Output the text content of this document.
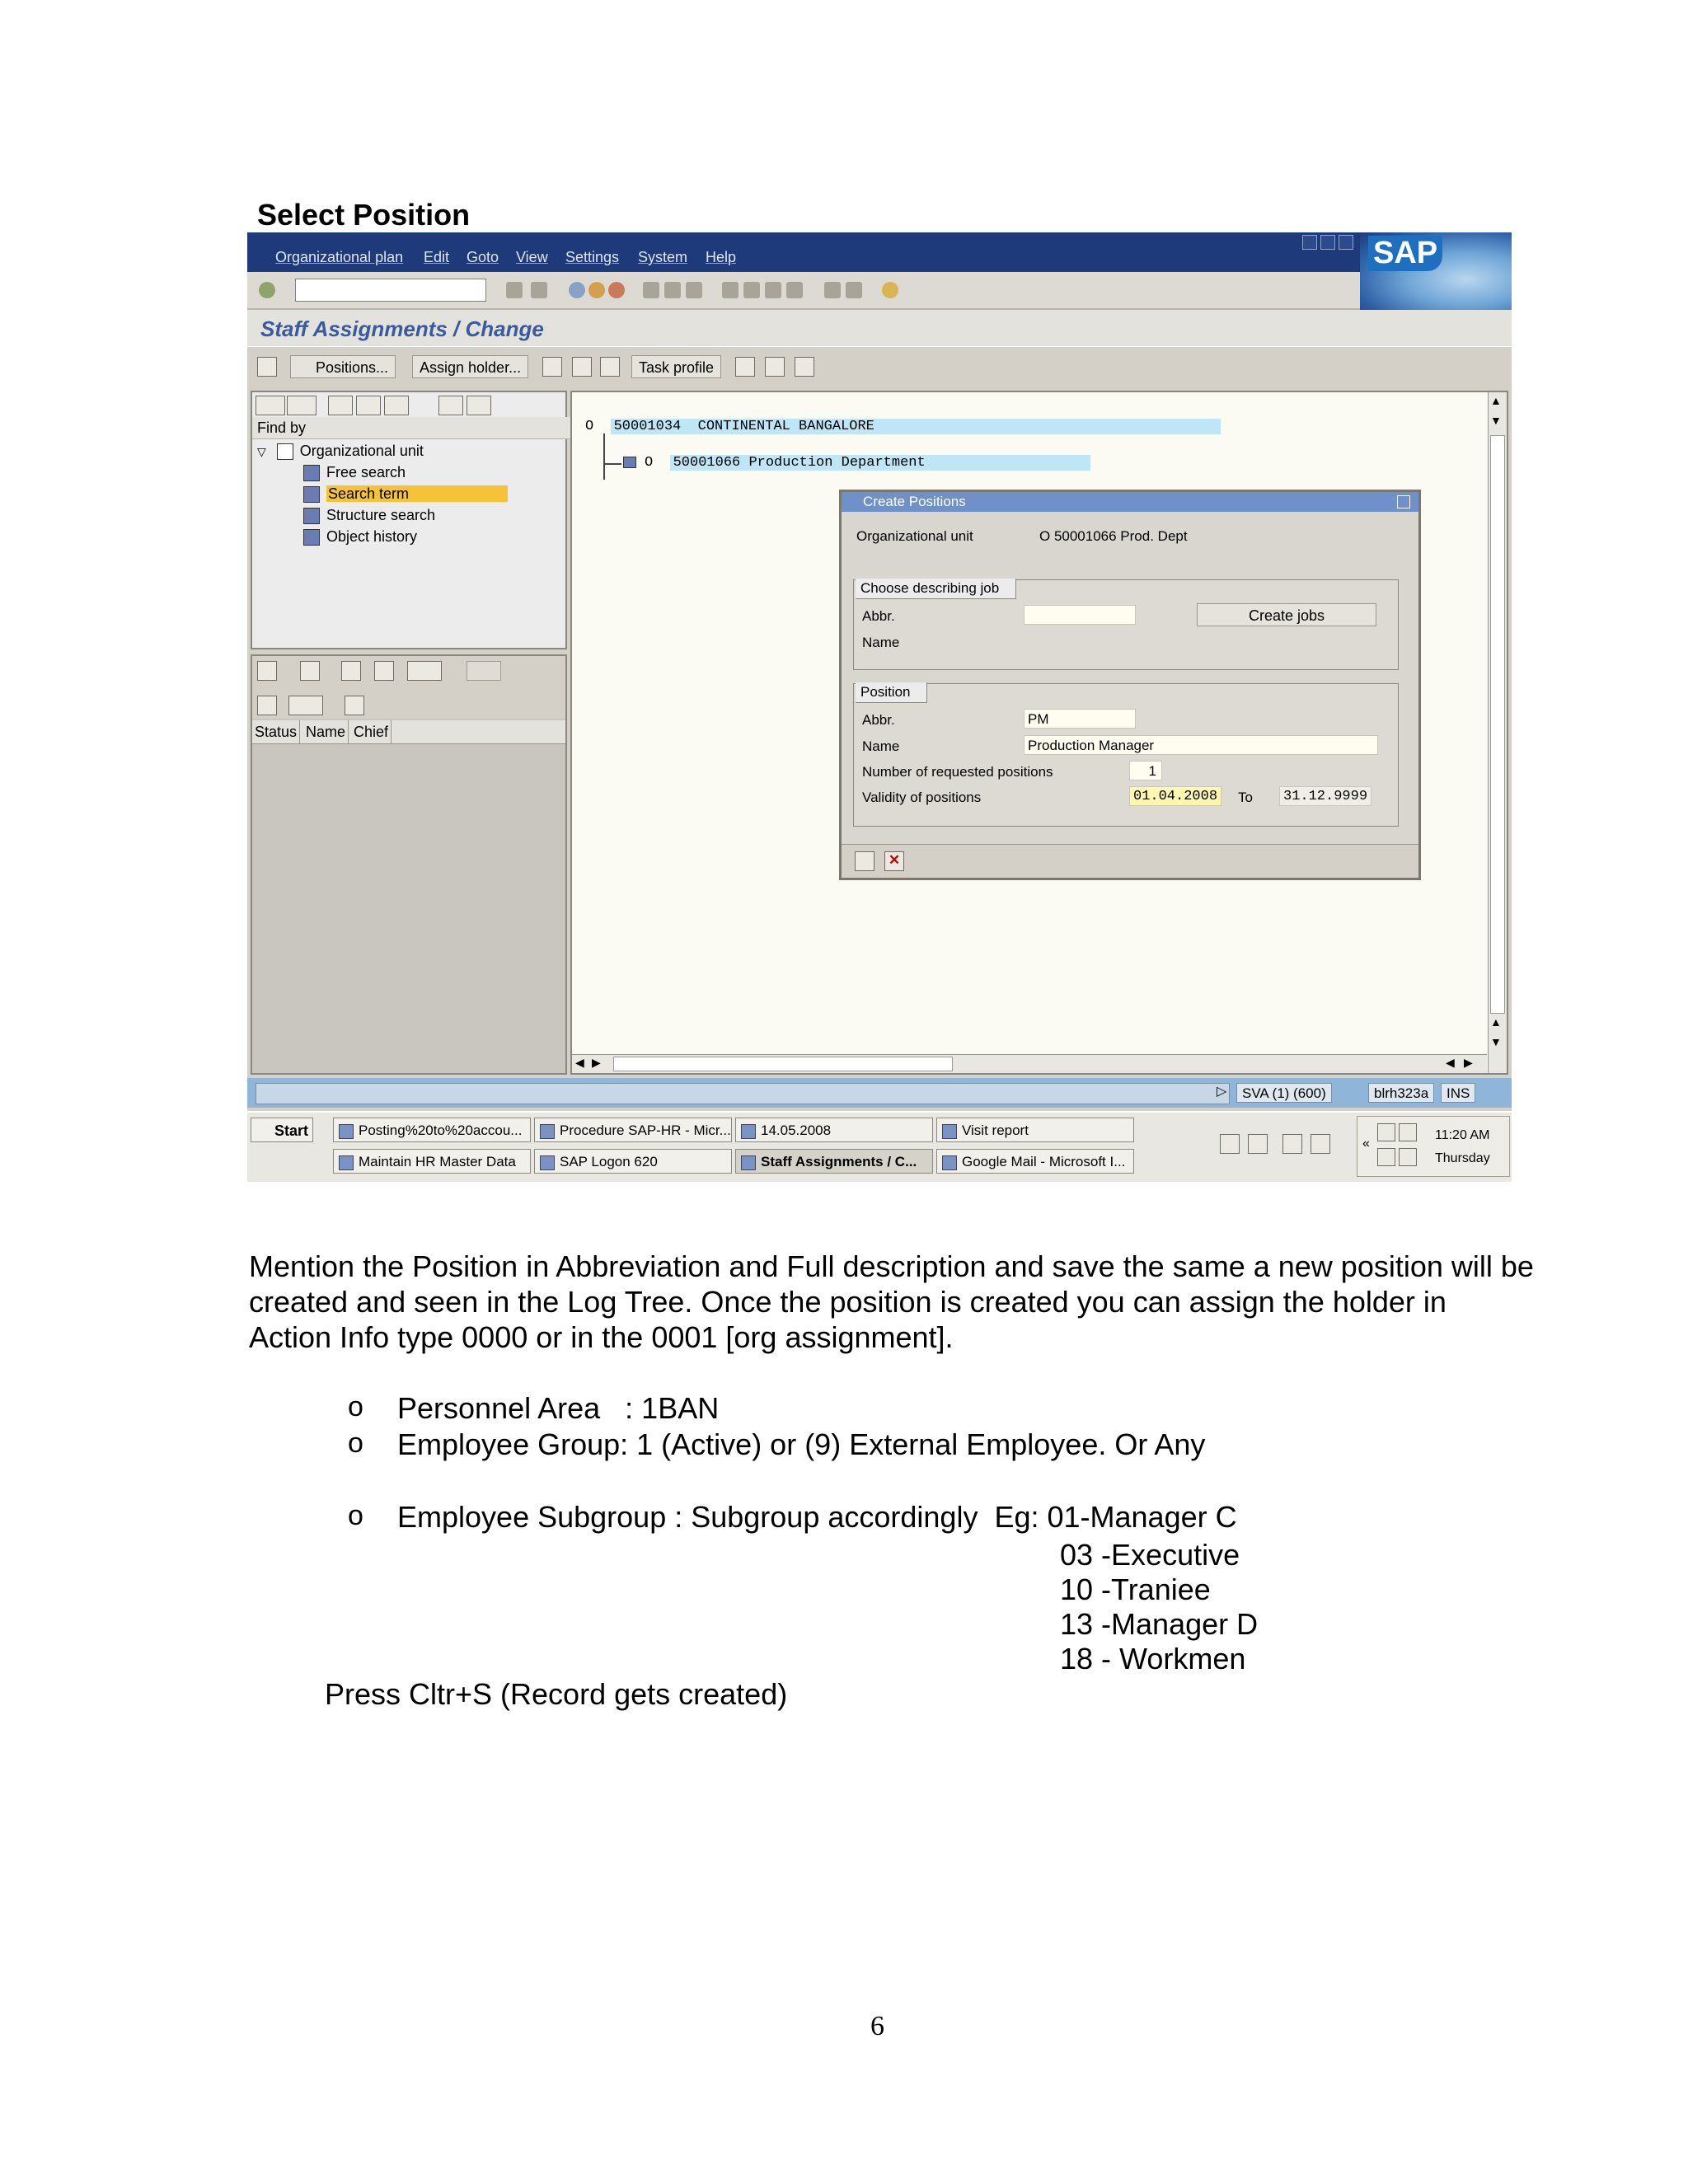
Select Position
Organizational plan Edit Goto View Settings System Help	SAP
Staff Assignments / Change
Positions...	Assign holder...	Task profile
Find by
▽ Organizational unit
Free search
Search term
Structure search
Object history
Status Name Chief
O 50001034 CONTINENTAL BANGALORE
O 50001066 Production Department
▲
▼
▲
▼
◀ ▶	◀ ▶
Create Positions
Organizational unit	O 50001066 Prod. Dept
Choose describing job
Abbr.
Name
Create jobs
Position
Abbr.	PM
Name	Production Manager
Number of requested positions	1
Validity of positions	01.04.2008 To 31.12.9999
✕
▷	SVA (1) (600)	blrh323a	INS
Start	Posting%20to%20accou...	Procedure SAP-HR - Micr...	14.05.2008	Visit report
Maintain HR Master Data	SAP Logon 620	Staff Assignments / C...	Google Mail - Microsoft I...
«
11:20 AM
Thursday
Mention the Position in Abbreviation and Full description and save the same a new position will be created and seen in the Log Tree. Once the position is created you can assign the holder in Action Info type 0000 or in the 0001 [org assignment].
o Personnel Area   : 1BAN
o Employee Group: 1 (Active) or (9) External Employee. Or Any
o Employee Subgroup : Subgroup accordingly  Eg: 01-Manager C
03 -Executive
10 -Traniee
13 -Manager D
18 - Workmen
Press Cltr+S (Record gets created)
6
